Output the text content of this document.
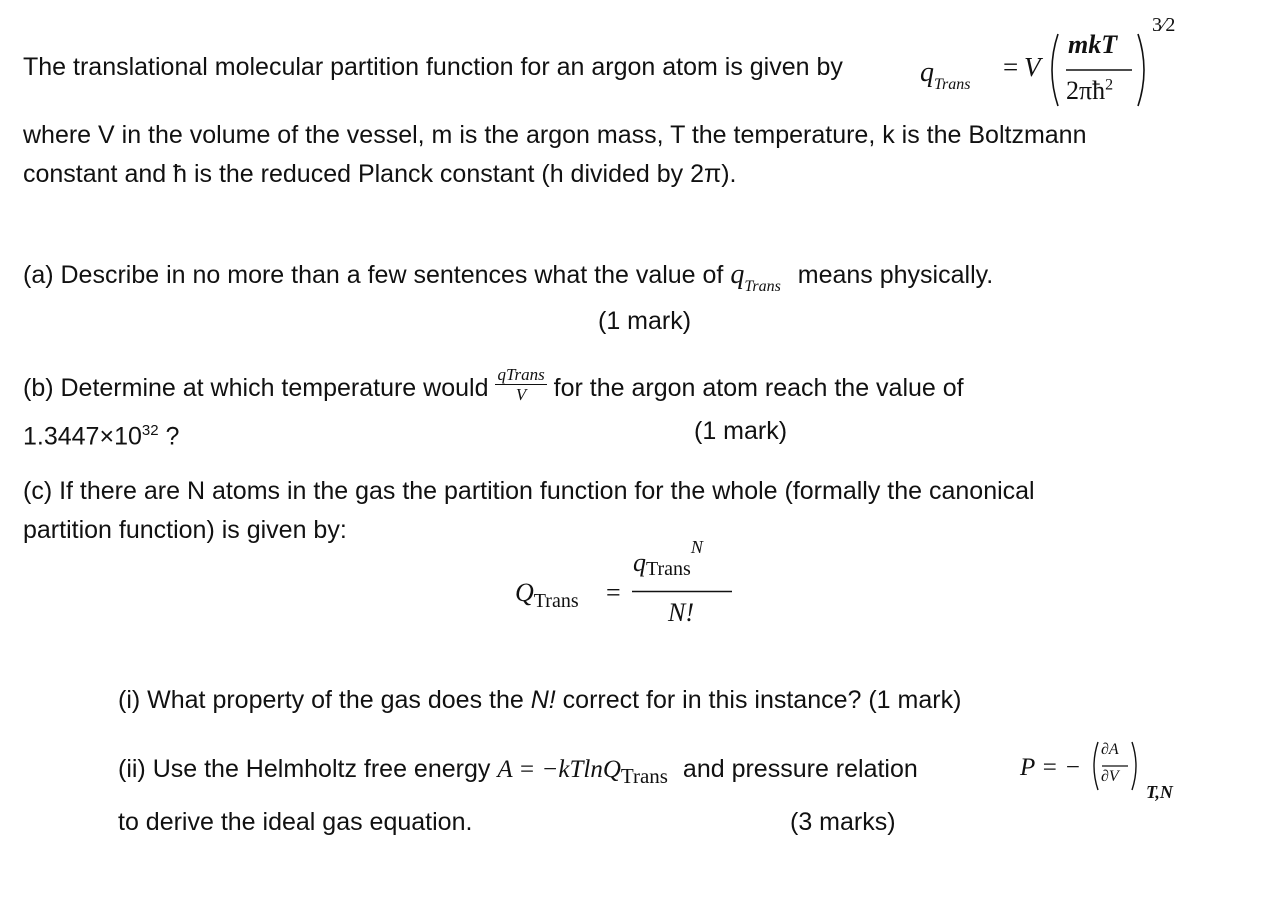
The translational molecular partition function for an argon atom is given by	$q_{Trans}$
= V
mkT
$2\pi ħ^2$
3⁄2
where V in the volume of the vessel, m is the argon mass, T the temperature, k is the Boltzmann
constant and ħ is the reduced Planck constant (h divided by 2π).
(a) Describe in no more than a few sentences what the value of $q_{Trans}$ means physically.
(1 mark)
(b) Determine at which temperature would $\frac{\text{qTrans}}{V}$ for the argon atom reach the value of
$1.3447\times 10^{32}$ ?	(1 mark)
(c) If there are N atoms in the gas the partition function for the whole (formally the canonical
partition function) is given by:
$Q_{Trans}$ =
qTrans$^N$
N!
(i) What property of the gas does the N! correct for in this instance? (1 mark)
(ii) Use the Helmholtz free energy A = −kTlnQ$_{Trans}$ and pressure relation	P = −
∂A
∂V
T,N
to derive the ideal gas equation.	(3 marks)
